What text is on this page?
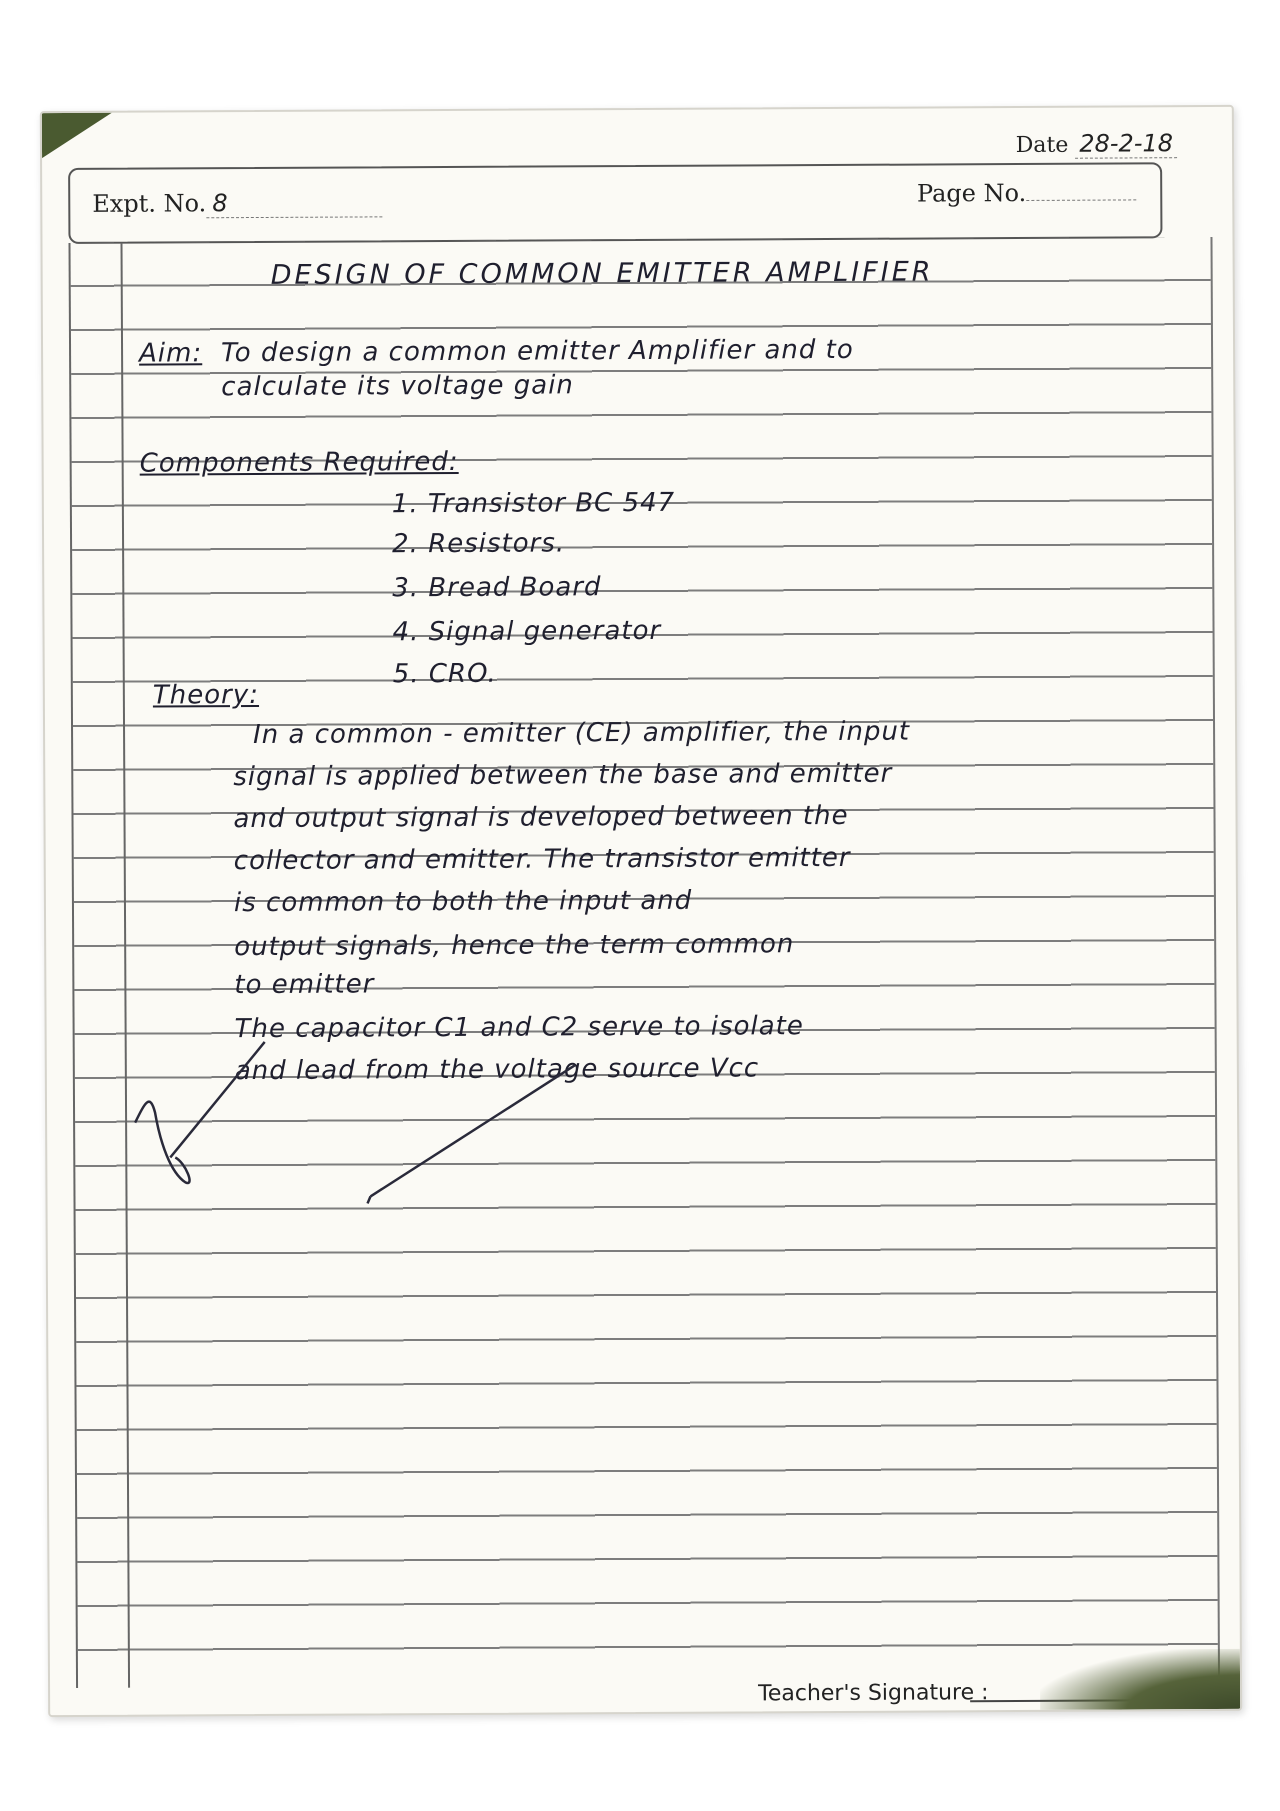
Date 28-2-18
Expt. No. 8	Page No.
DESIGN OF COMMON EMITTER AMPLIFIER
Aim: To design a common emitter Amplifier and to
calculate its voltage gain
Components Required:
1. Transistor BC 547
2. Resistors.
3. Bread Board
4. Signal generator
5. CRO.
Theory:
In a common - emitter (CE) amplifier, the input
signal is applied between the base and emitter
and output signal is developed between the
collector and emitter. The transistor emitter
is common to both the input and
output signals, hence the term common
to emitter
The capacitor C1 and C2 serve to isolate
and lead from the voltage source Vcc
Teacher's Signature :
